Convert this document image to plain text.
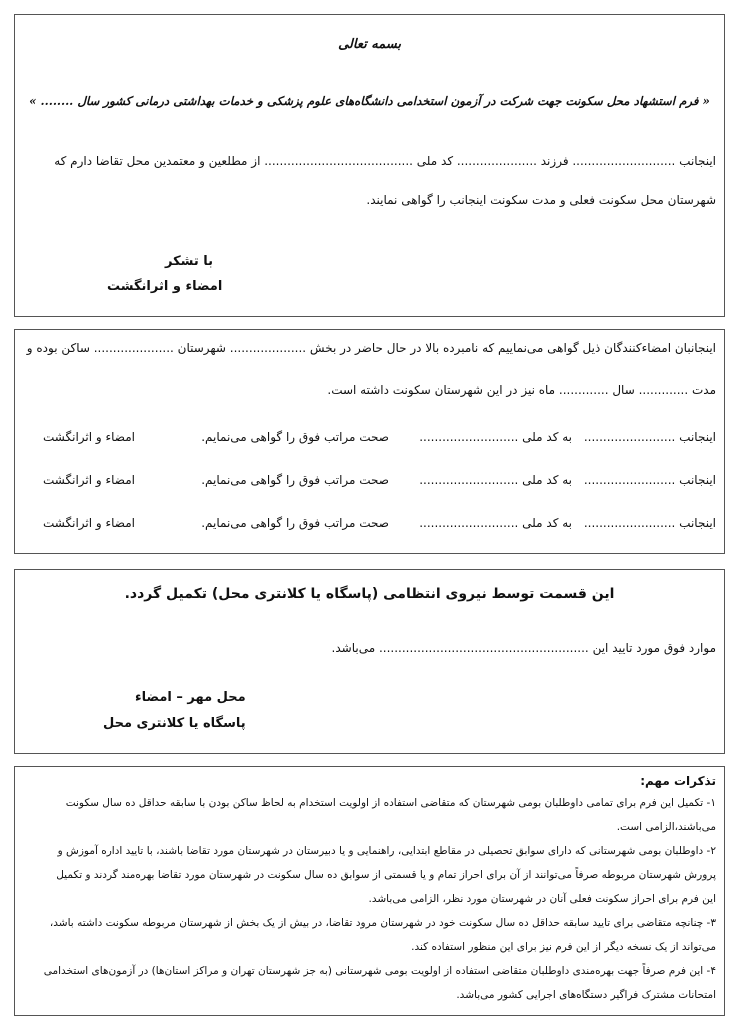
بسمه تعالی
« فرم استشهاد محل سکونت جهت شرکت در آزمون استخدامی دانشگاه‌های علوم پزشکی و خدمات بهداشتی درمانی کشور سال ........ »
اینجانب ........................... فرزند ..................... کد ملی ....................................... از مطلعین و معتمدین محل تقاضا دارم که
شهرستان محل سکونت فعلی و مدت سکونت اینجانب را گواهی نمایند.
با تشکر
امضاء و اثرانگشت
اینجانبان امضاءکنندگان ذیل گواهی می‌نماییم که نامبرده بالا در حال حاضر در بخش .................... شهرستان ..................... ساکن بوده و
مدت ............. سال ............. ماه نیز در این شهرستان سکونت داشته است.
اینجانب ........................
به کد ملی ..........................
صحت مراتب فوق را گواهی می‌نمایم.
امضاء و اثرانگشت
اینجانب ........................
به کد ملی ..........................
صحت مراتب فوق را گواهی می‌نمایم.
امضاء و اثرانگشت
اینجانب ........................
به کد ملی ..........................
صحت مراتب فوق را گواهی می‌نمایم.
امضاء و اثرانگشت
این قسمت توسط نیروی انتظامی (پاسگاه یا کلانتری محل) تکمیل گردد.
موارد فوق مورد تایید این ....................................................... می‌باشد.
محل مهر – امضاء
پاسگاه یا کلانتری محل
تذکرات مهم:
۱- تکمیل این فرم برای تمامی داوطلبان بومی شهرستان که متقاضی استفاده از اولویت استخدام به لحاظ ساکن بودن با سابقه حداقل ده سال سکونت
می‌باشند،الزامی است.
۲- داوطلبان بومی شهرستانی که دارای سوابق تحصیلی در مقاطع ابتدایی، راهنمایی و یا دبیرستان در شهرستان مورد تقاضا باشند، با تایید اداره آموزش و
پرورش شهرستان مربوطه صرفاً می‌توانند از آن برای احراز تمام و یا قسمتی از سوابق ده سال سکونت در شهرستان مورد تقاضا بهره‌مند گردند و تکمیل
این فرم برای احراز سکونت فعلی آنان در شهرستان مورد نظر، الزامی می‌باشد.
۳- چنانچه متقاضی برای تایید سابقه حداقل ده سال سکونت خود در شهرستان مرود تقاضا، در بیش از یک بخش از شهرستان مربوطه سکونت داشته باشد،
می‌تواند از یک نسخه دیگر از این فرم نیز برای این منظور استفاده کند.
۴- این فرم صرفاً جهت بهره‌مندی داوطلبان متقاضی استفاده از اولویت بومی شهرستانی (به جز شهرستان تهران و مراکز استان‌ها) در آزمون‌های استخدامی
امتحانات مشترک فراگیر دستگاه‌های اجرایی کشور می‌باشد.
